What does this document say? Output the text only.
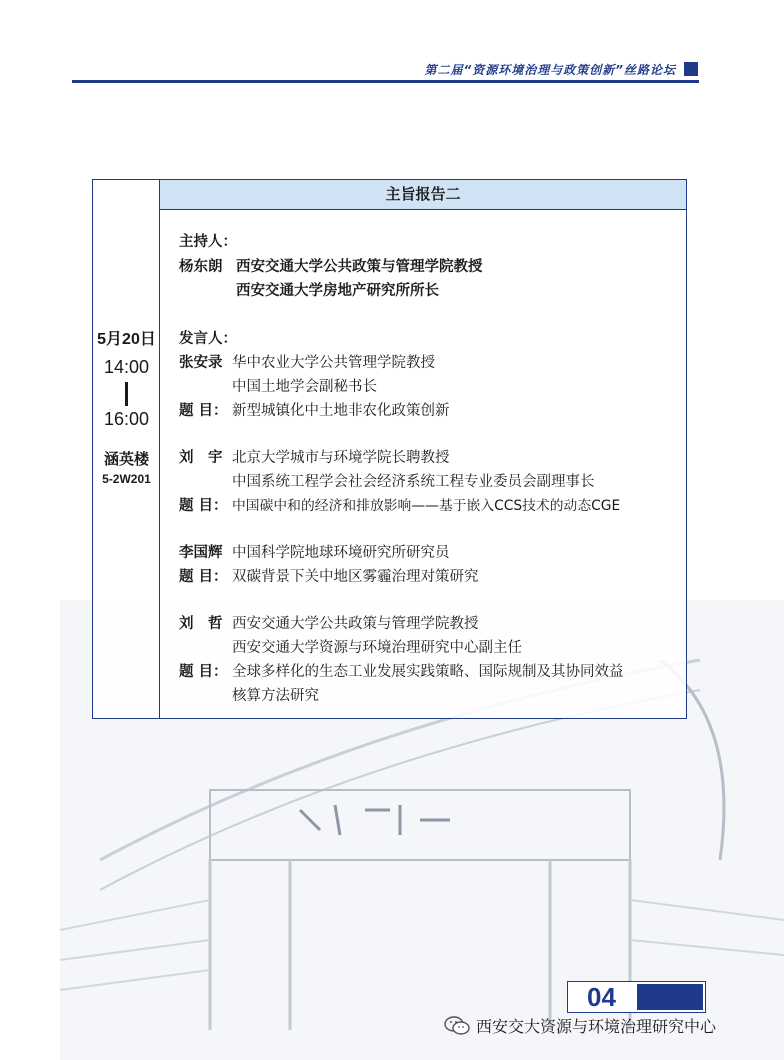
第二届“资源环境治理与政策创新”丝路论坛
5月20日
14:00
16:00
涵英楼
5-2W201
主旨报告二
主持人：
杨东朗 西安交通大学公共政策与管理学院教授
西安交通大学房地产研究所所长
发言人：
张安录 华中农业大学公共管理学院教授
中国土地学会副秘书长
题 目： 新型城镇化中土地非农化政策创新
刘　宇 北京大学城市与环境学院长聘教授
中国系统工程学会社会经济系统工程专业委员会副理事长
题 目： 中国碳中和的经济和排放影响——基于嵌入CCS技术的动态CGE
李国辉 中国科学院地球环境研究所研究员
题 目： 双碳背景下关中地区雾霾治理对策研究
刘　哲 西安交通大学公共政策与管理学院教授
西安交通大学资源与环境治理研究中心副主任
题 目： 全球多样化的生态工业发展实践策略、国际规制及其协同效益
核算方法研究
04
西安交大资源与环境治理研究中心
